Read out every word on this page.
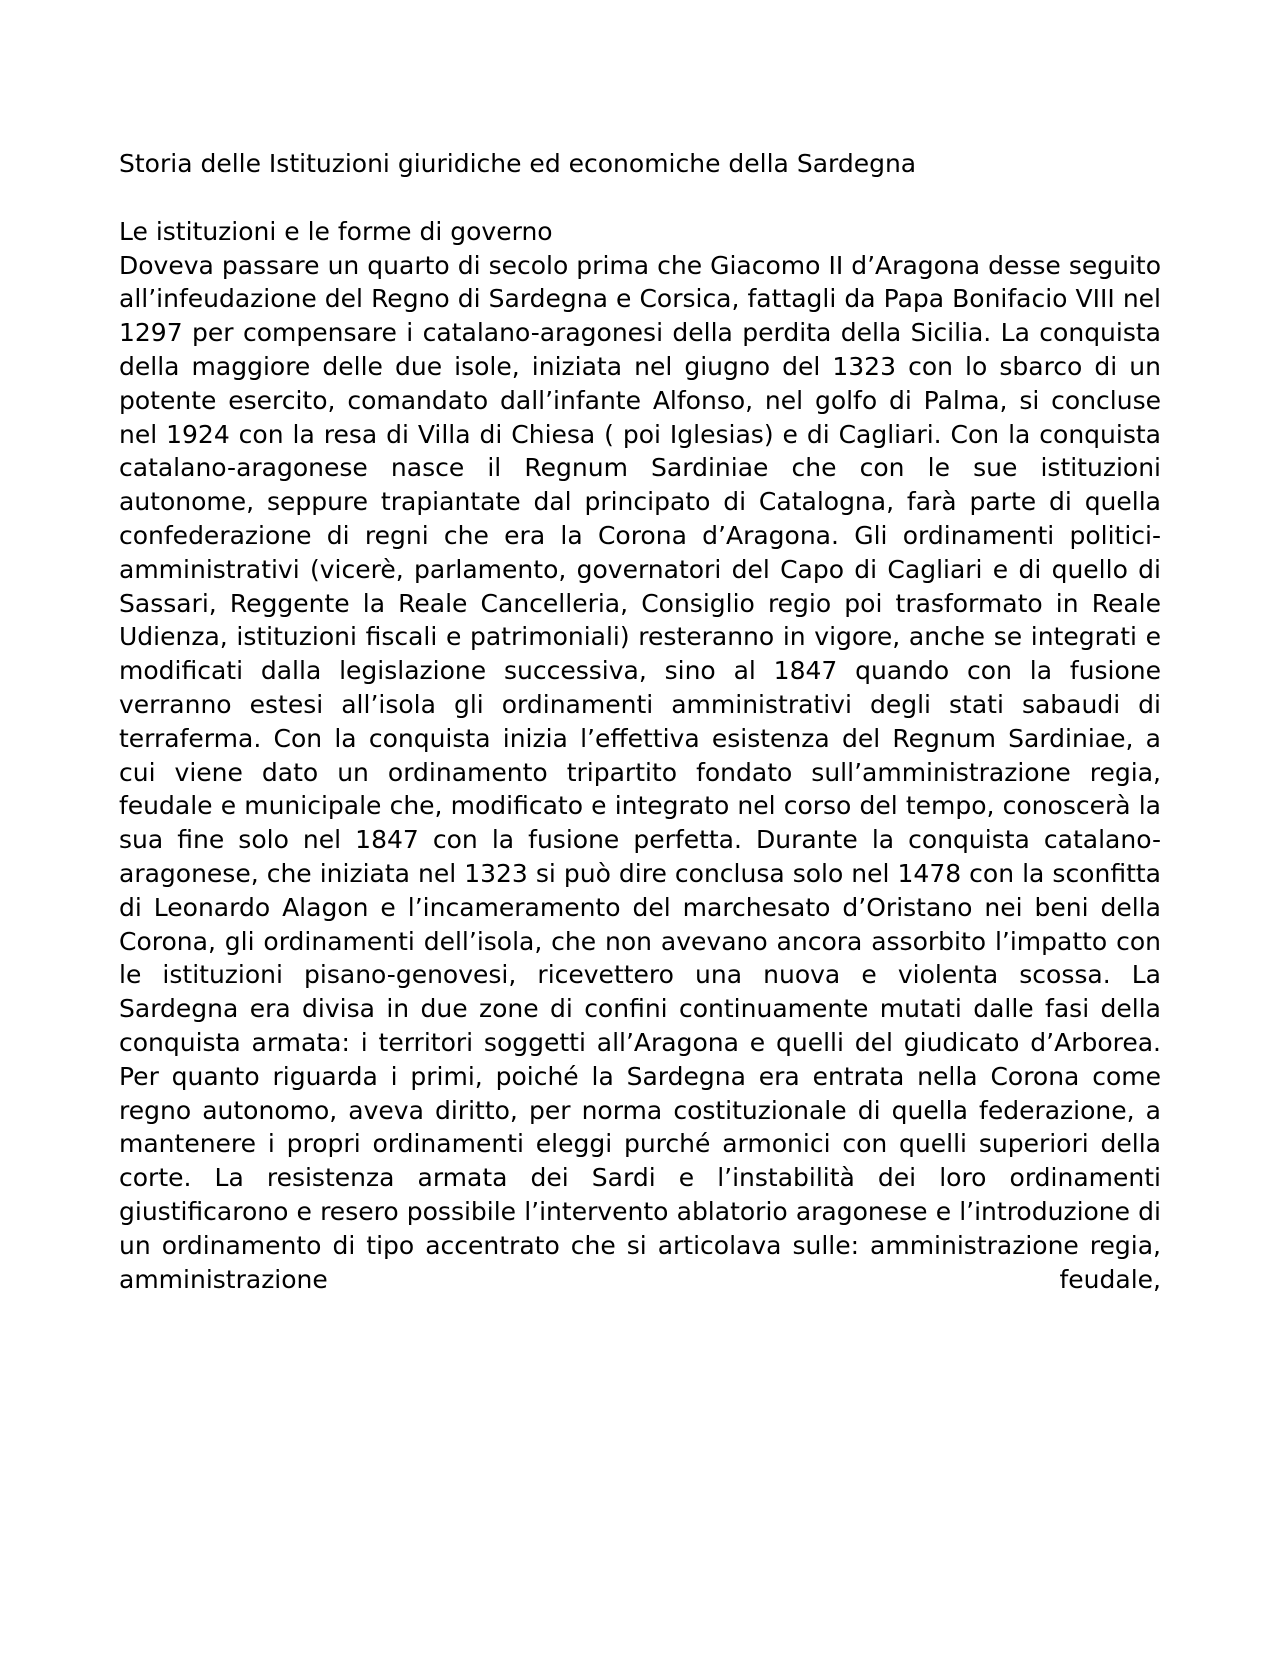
Storia delle Istituzioni giuridiche ed economiche della Sardegna
Le istituzioni e le forme di governo

Doveva passare un quarto di secolo prima che Giacomo II d’Aragona desse seguito all’infeudazione del Regno di Sardegna e Corsica, fattagli da Papa Bonifacio VIII nel 1297 per compensare i catalano-aragonesi della perdita della Sicilia. La conquista della maggiore delle due isole, iniziata nel giugno del 1323 con lo sbarco di un potente esercito, comandato dall’infante Alfonso, nel golfo di Palma, si concluse nel 1924 con la resa di Villa di Chiesa ( poi Iglesias) e di Cagliari. Con la conquista catalano-aragonese nasce il Regnum Sardiniae che con le sue istituzioni autonome, seppure trapiantate dal principato di Catalogna, farà parte di quella confederazione di regni che era la Corona d’Aragona. Gli ordinamenti politici-amministrativi (vicerè, parlamento, governatori del Capo di Cagliari e di quello di Sassari, Reggente la Reale Cancelleria, Consiglio regio poi trasformato in Reale Udienza, istituzioni fiscali e patrimoniali) resteranno in vigore, anche se integrati e modificati dalla legislazione successiva, sino al 1847 quando con la fusione verranno estesi all’isola gli ordinamenti amministrativi degli stati sabaudi di terraferma. Con la conquista inizia l’effettiva esistenza del Regnum Sardiniae, a cui viene dato un ordinamento tripartito fondato sull’amministrazione regia, feudale e municipale che, modificato e integrato nel corso del tempo, conoscerà la sua fine solo nel 1847 con la fusione perfetta. Durante la conquista catalano-aragonese, che iniziata nel 1323 si può dire conclusa solo nel 1478 con la sconfitta di Leonardo Alagon e l’incameramento del marchesato d’Oristano nei beni della Corona, gli ordinamenti dell’isola, che non avevano ancora assorbito l’impatto con le istituzioni pisano-genovesi, ricevettero una nuova e violenta scossa. La Sardegna era divisa in due zone di confini continuamente mutati dalle fasi della conquista armata: i territori soggetti all’Aragona e quelli del giudicato d’Arborea. Per quanto riguarda i primi, poiché la Sardegna era entrata nella Corona come regno autonomo, aveva diritto, per norma costituzionale di quella federazione, a mantenere i propri ordinamenti eleggi purché armonici con quelli superiori della corte. La resistenza armata dei Sardi e l’instabilità dei loro ordinamenti giustificarono e resero possibile l’intervento ablatorio aragonese e l’introduzione di un ordinamento di tipo accentrato che si articolava sulle: amministrazione regia, amministrazione feudale,
